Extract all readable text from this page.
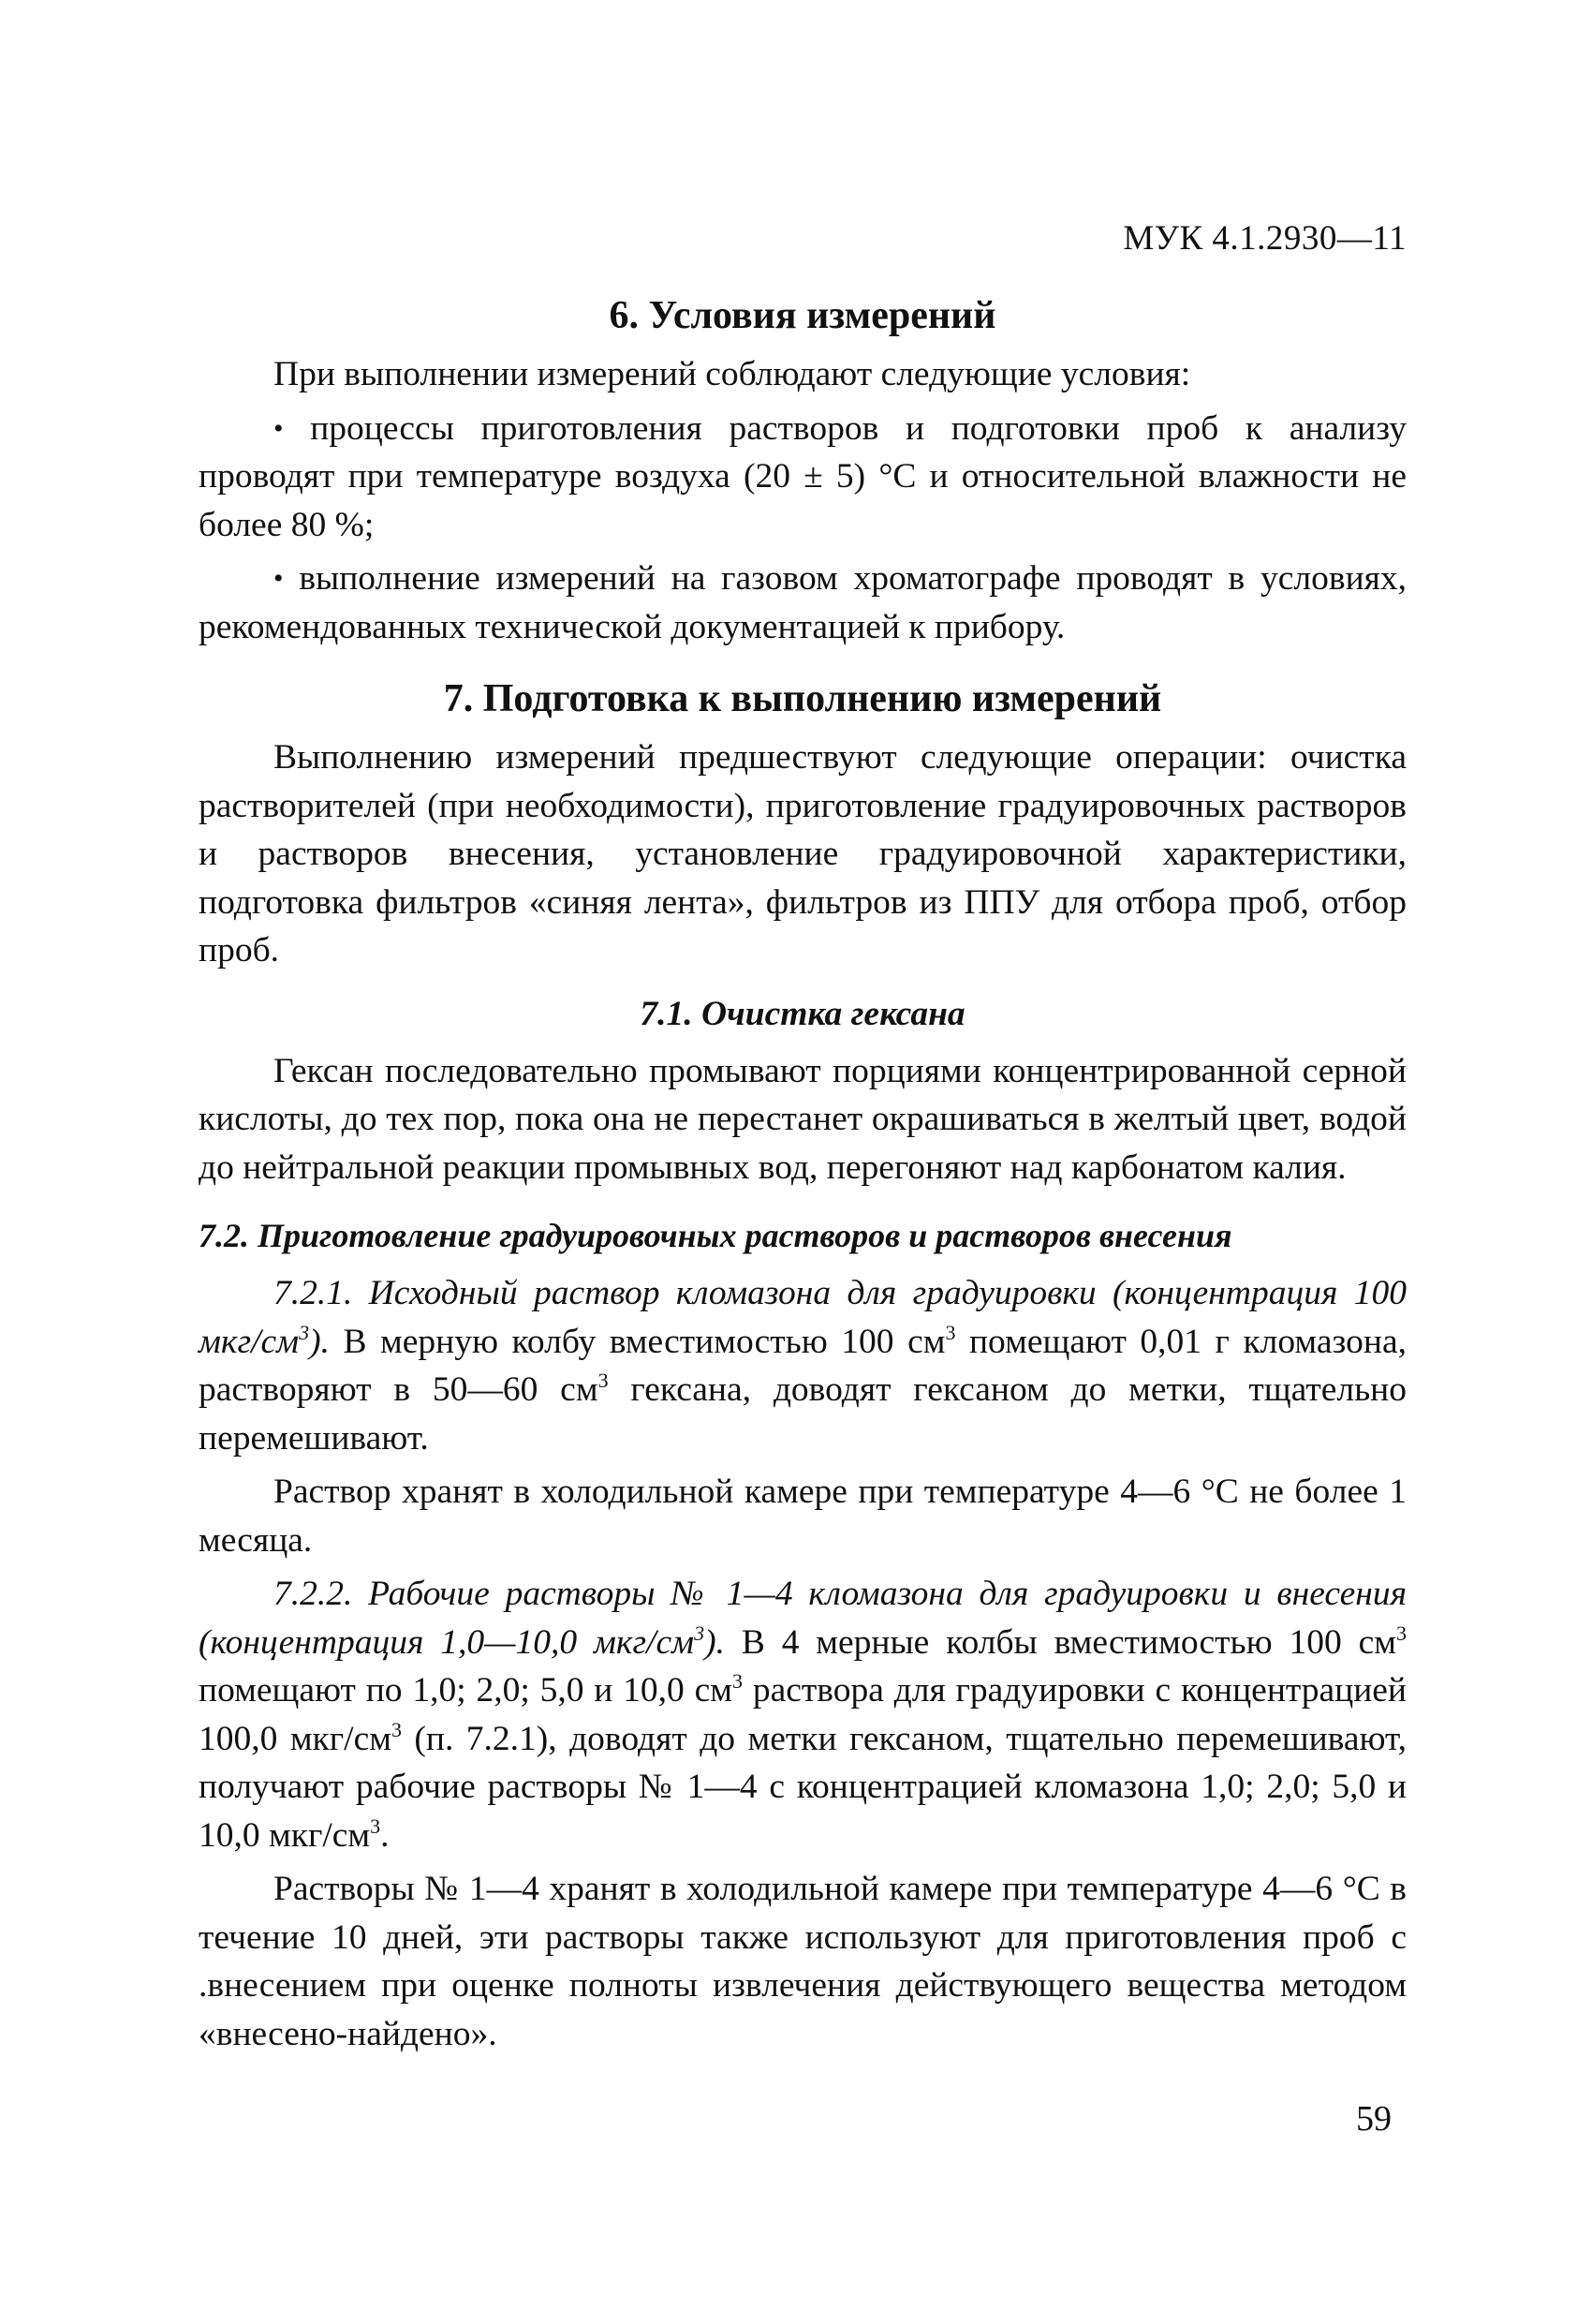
МУК 4.1.2930—11
6. Условия измерений

При выполнении измерений соблюдают следующие условия:

• процессы приготовления растворов и подготовки проб к анализу проводят при температуре воздуха (20 ± 5) °С и относительной влажности не более 80 %;

• выполнение измерений на газовом хроматографе проводят в условиях, рекомендованных технической документацией к прибору.

7. Подготовка к выполнению измерений

Выполнению измерений предшествуют следующие операции: очистка растворителей (при необходимости), приготовление градуировочных растворов и растворов внесения, установление градуировочной характеристики, подготовка фильтров «синяя лента», фильтров из ППУ для отбора проб, отбор проб.

7.1. Очистка гексана

Гексан последовательно промывают порциями концентрированной серной кислоты, до тех пор, пока она не перестанет окрашиваться в желтый цвет, водой до нейтральной реакции промывных вод, перегоняют над карбонатом калия.

7.2. Приготовление градуировочных растворов и растворов внесения

7.2.1. Исходный раствор кломазона для градуировки (концентрация 100 мкг/$см^3$). В мерную колбу вместимостью 100 $см^3$ помещают 0,01 г кломазона, растворяют в 50—60 $см^3$ гексана, доводят гексаном до метки, тщательно перемешивают.

Раствор хранят в холодильной камере при температуре 4—6 °С не более 1 месяца.

7.2.2. Рабочие растворы № 1—4 кломазона для градуировки и внесения (концентрация 1,0—10,0 мкг/$см^3$). В 4 мерные колбы вместимостью 100 $см^3$ помещают по 1,0; 2,0; 5,0 и 10,0 $см^3$ раствора для градуировки с концентрацией 100,0 мкг/$см^3$ (п. 7.2.1), доводят до метки гексаном, тщательно перемешивают, получают рабочие растворы № 1—4 с концентрацией кломазона 1,0; 2,0; 5,0 и 10,0 мкг/$см^3$.

Растворы № 1—4 хранят в холодильной камере при температуре 4—6 °С в течение 10 дней, эти растворы также используют для приготовления проб с .внесением при оценке полноты извлечения действующего вещества методом «внесено-найдено».

59
